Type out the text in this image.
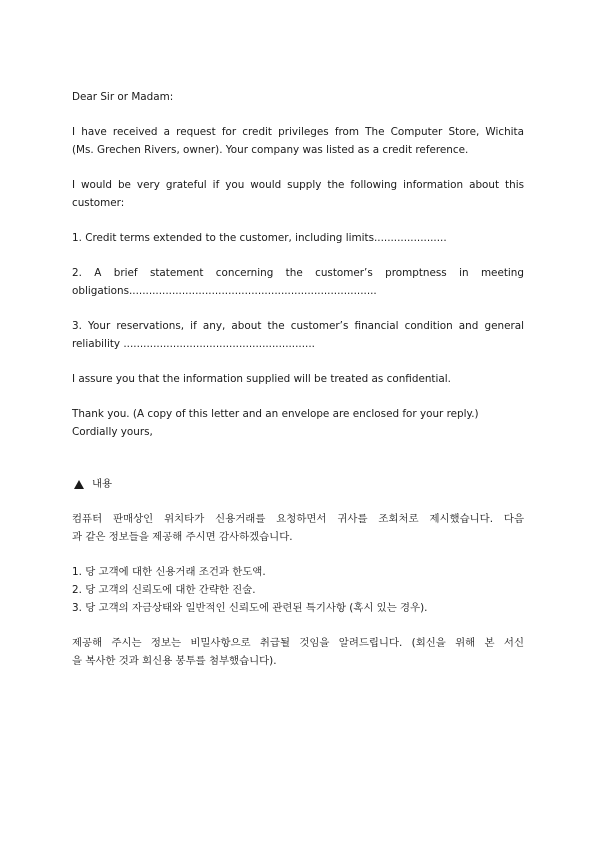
Dear Sir or Madam:

I have received a request for credit privileges from The Computer Store, Wichita
(Ms. Grechen Rivers, owner). Your company was listed as a credit reference.
I would be very grateful if you would supply the following information about this
customer:

1. Credit terms extended to the customer, including limits......................

2. A brief statement concerning the customer’s promptness in meeting
obligations...........................................................................
3. Your reservations, if any, about the customer’s financial condition and general
reliability ..........................................................

I assure you that the information supplied will be treated as confidential.

Thank you. (A copy of this letter and an envelope are enclosed for your reply.)

Cordially yours,

내용
컴퓨터 판매상인 위치타가 신용거래를 요청하면서 귀사를 조회처로 제시했습니다. 다음
과 같은 정보들을 제공해 주시면 감사하겠습니다.

1. 당 고객에 대한 신용거래 조건과 한도액.

2. 당 고객의 신뢰도에 대한 간략한 진술.

3. 당 고객의 자금상태와 일반적인 신뢰도에 관련된 특기사항 (혹시 있는 경우).

제공해 주시는 정보는 비밀사항으로 취급될 것임을 알려드립니다. (회신을 위해 본 서신
을 복사한 것과 회신용 봉투를 첨부했습니다).
